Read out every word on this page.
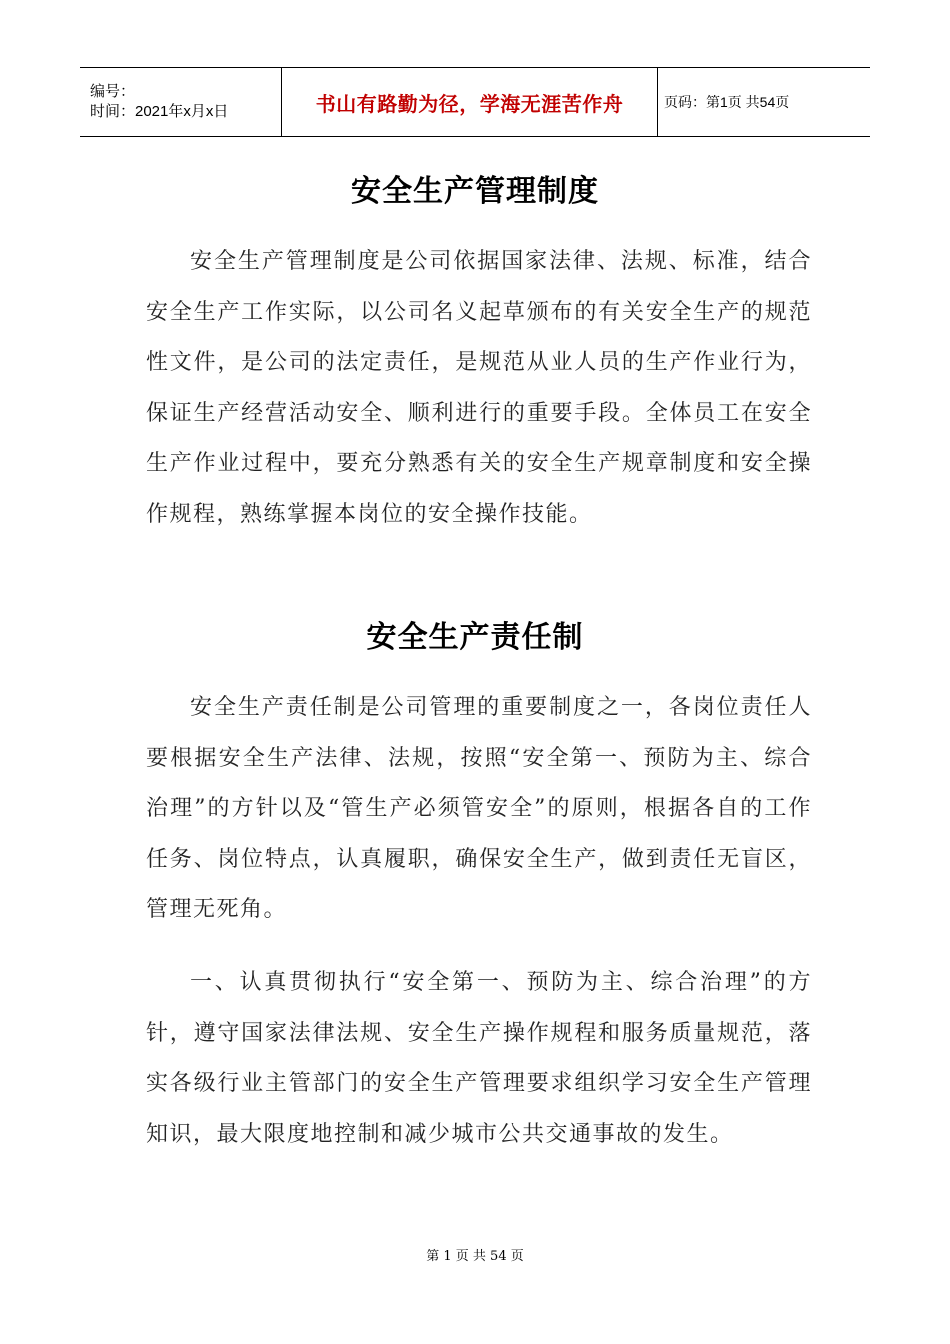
编号：
时间：2021年x月x日	书山有路勤为径，学海无涯苦作舟	页码：第1页 共54页
安全生产管理制度

安全生产管理制度是公司依据国家法律、法规、标准，结合安全生产工作实际，以公司名义起草颁布的有关安全生产的规范性文件，是公司的法定责任，是规范从业人员的生产作业行为，保证生产经营活动安全、顺利进行的重要手段。全体员工在安全生产作业过程中，要充分熟悉有关的安全生产规章制度和安全操作规程，熟练掌握本岗位的安全操作技能。

安全生产责任制

安全生产责任制是公司管理的重要制度之一，各岗位责任人要根据安全生产法律、法规，按照“安全第一、预防为主、综合治理”的方针以及“管生产必须管安全”的原则，根据各自的工作任务、岗位特点，认真履职，确保安全生产，做到责任无盲区，管理无死角。

一、认真贯彻执行“安全第一、预防为主、综合治理”的方针，遵守国家法律法规、安全生产操作规程和服务质量规范，落实各级行业主管部门的安全生产管理要求组织学习安全生产管理知识，最大限度地控制和减少城市公共交通事故的发生。

第 1 页 共 54 页
